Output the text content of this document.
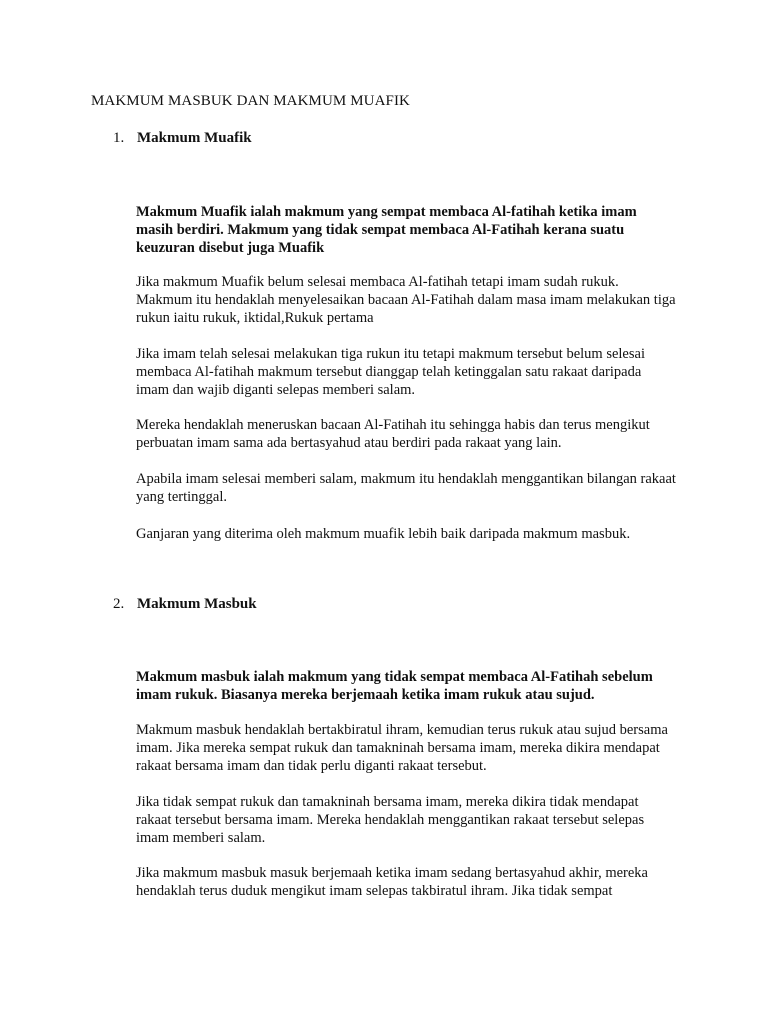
MAKMUM MASBUK DAN MAKMUM MUAFIK
1. Makmum Muafik

Makmum Muafik ialah makmum yang sempat membaca Al-fatihah ketika imam masih berdiri. Makmum yang tidak sempat membaca Al-Fatihah kerana suatu keuzuran disebut juga Muafik

Jika makmum Muafik belum selesai membaca Al-fatihah tetapi imam sudah rukuk. Makmum itu hendaklah menyelesaikan bacaan Al-Fatihah dalam masa imam melakukan tiga rukun iaitu rukuk, iktidal,Rukuk pertama

Jika imam telah selesai melakukan tiga rukun itu tetapi makmum tersebut belum selesai membaca Al-fatihah makmum tersebut dianggap telah ketinggalan satu rakaat daripada imam dan wajib diganti selepas memberi salam.

Mereka hendaklah meneruskan bacaan Al-Fatihah itu sehingga habis dan terus mengikut perbuatan imam sama ada bertasyahud atau berdiri pada rakaat yang lain.

Apabila imam selesai memberi salam, makmum itu hendaklah menggantikan bilangan rakaat yang tertinggal.

Ganjaran yang diterima oleh makmum muafik lebih baik daripada makmum masbuk.

2. Makmum Masbuk

Makmum masbuk ialah makmum yang tidak sempat membaca Al-Fatihah sebelum imam rukuk. Biasanya mereka berjemaah ketika imam rukuk atau sujud.

Makmum masbuk hendaklah bertakbiratul ihram, kemudian terus rukuk atau sujud bersama imam. Jika mereka sempat rukuk dan tamakninah bersama imam, mereka dikira mendapat rakaat bersama imam dan tidak perlu diganti rakaat tersebut.

Jika tidak sempat rukuk dan tamakninah bersama imam, mereka dikira tidak mendapat rakaat tersebut bersama imam. Mereka hendaklah menggantikan rakaat tersebut selepas imam memberi salam.

Jika makmum masbuk masuk berjemaah ketika imam sedang bertasyahud akhir, mereka hendaklah terus duduk mengikut imam selepas takbiratul ihram. Jika tidak sempat
